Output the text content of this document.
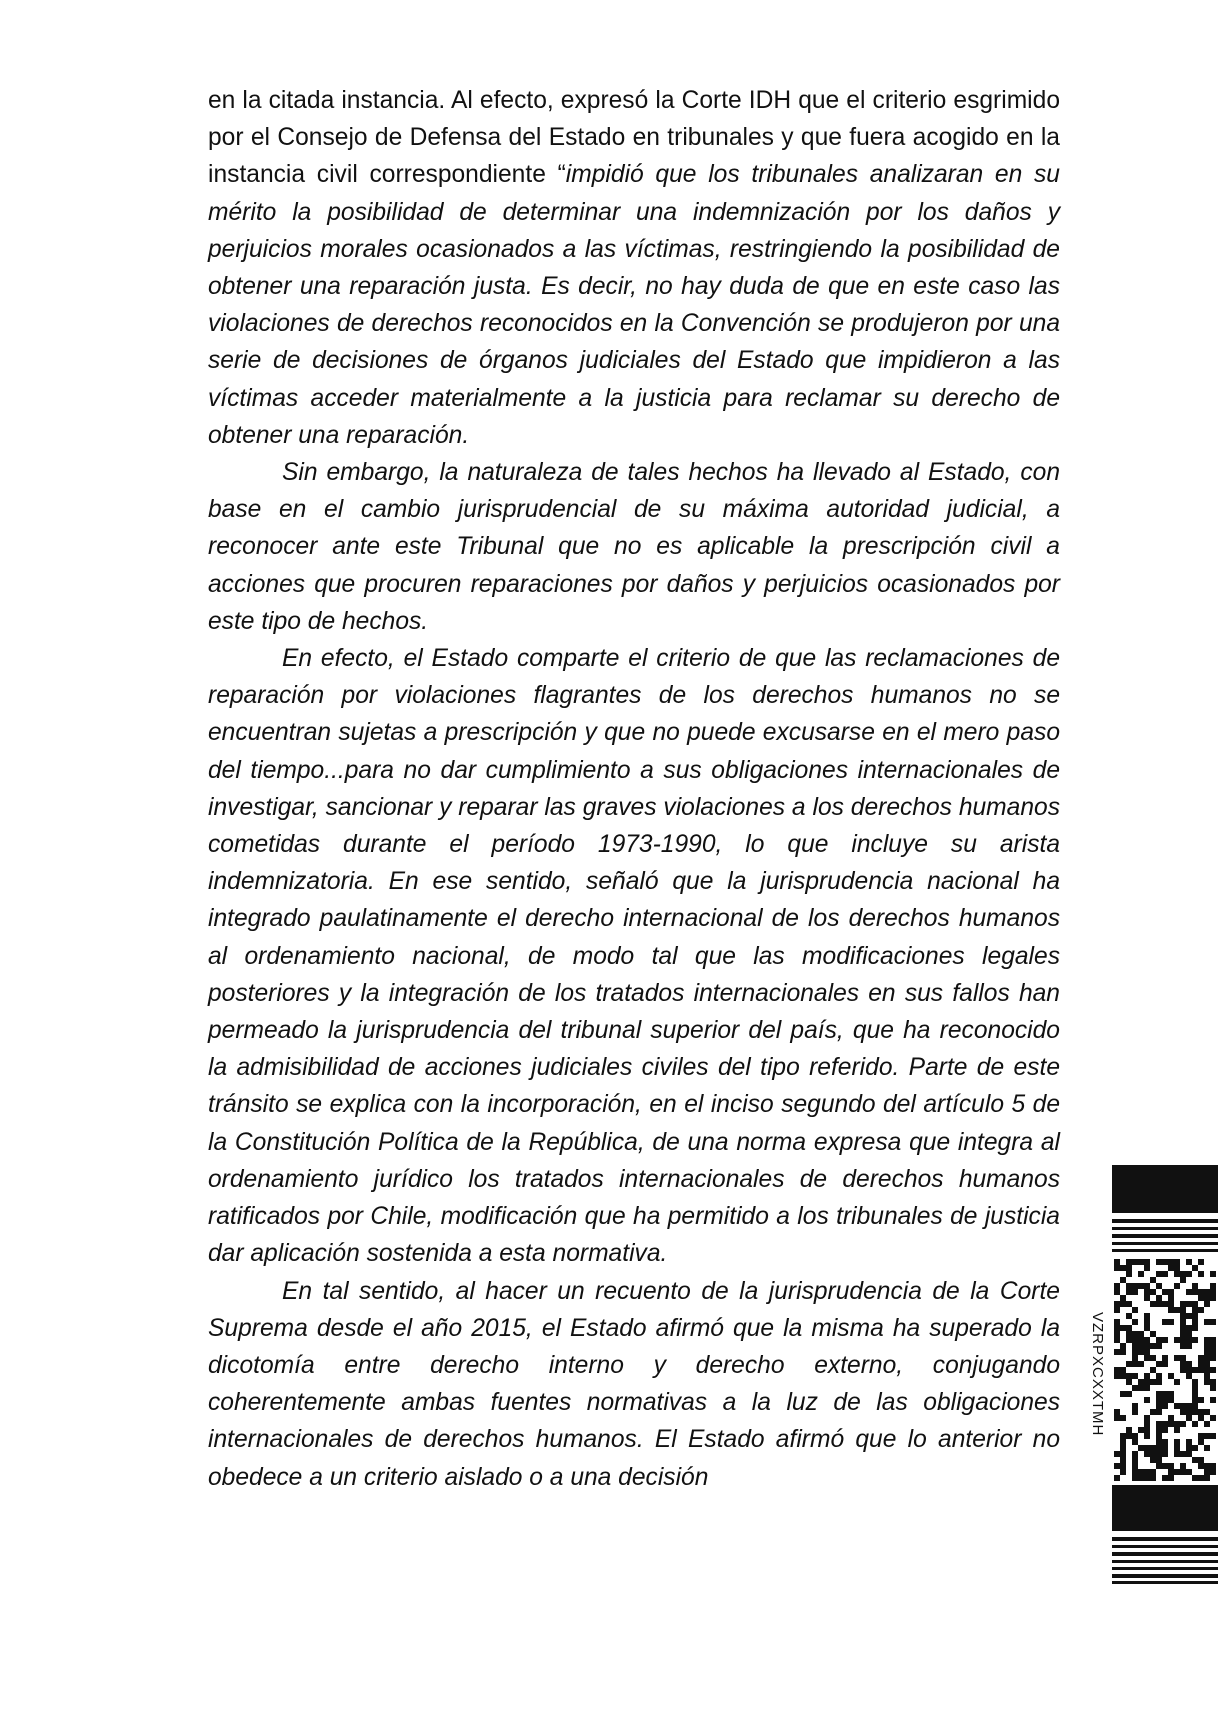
en la citada instancia. Al efecto, expresó la Corte IDH que el criterio esgrimido por el Consejo de Defensa del Estado en tribunales y que fuera acogido en la instancia civil correspondiente “impidió que los tribunales analizaran en su mérito la posibilidad de determinar una indemnización por los daños y perjuicios morales ocasionados a las víctimas, restringiendo la posibilidad de obtener una reparación justa. Es decir, no hay duda de que en este caso las violaciones de derechos reconocidos en la Convención se produjeron por una serie de decisiones de órganos judiciales del Estado que impidieron a las víctimas acceder materialmente a la justicia para reclamar su derecho de obtener una reparación.

Sin embargo, la naturaleza de tales hechos ha llevado al Estado, con base en el cambio jurisprudencial de su máxima autoridad judicial, a reconocer ante este Tribunal que no es aplicable la prescripción civil a acciones que procuren reparaciones por daños y perjuicios ocasionados por este tipo de hechos.

En efecto, el Estado comparte el criterio de que las reclamaciones de reparación por violaciones flagrantes de los derechos humanos no se encuentran sujetas a prescripción y que no puede excusarse en el mero paso del tiempo...para no dar cumplimiento a sus obligaciones internacionales de investigar, sancionar y reparar las graves violaciones a los derechos humanos cometidas durante el período 1973-1990, lo que incluye su arista indemnizatoria. En ese sentido, señaló que la jurisprudencia nacional ha integrado paulatinamente el derecho internacional de los derechos humanos al ordenamiento nacional, de modo tal que las modificaciones legales posteriores y la integración de los tratados internacionales en sus fallos han permeado la jurisprudencia del tribunal superior del país, que ha reconocido la admisibilidad de acciones judiciales civiles del tipo referido. Parte de este tránsito se explica con la incorporación, en el inciso segundo del artículo 5 de la Constitución Política de la República, de una norma expresa que integra al ordenamiento jurídico los tratados internacionales de derechos humanos ratificados por Chile, modificación que ha permitido a los tribunales de justicia dar aplicación sostenida a esta normativa.

En tal sentido, al hacer un recuento de la jurisprudencia de la Corte Suprema desde el año 2015, el Estado afirmó que la misma ha superado la dicotomía entre derecho interno y derecho externo, conjugando coherentemente ambas fuentes normativas a la luz de las obligaciones internacionales de derechos humanos. El Estado afirmó que lo anterior no obedece a un criterio aislado o a una decisión

VZRPXCXXTMH
